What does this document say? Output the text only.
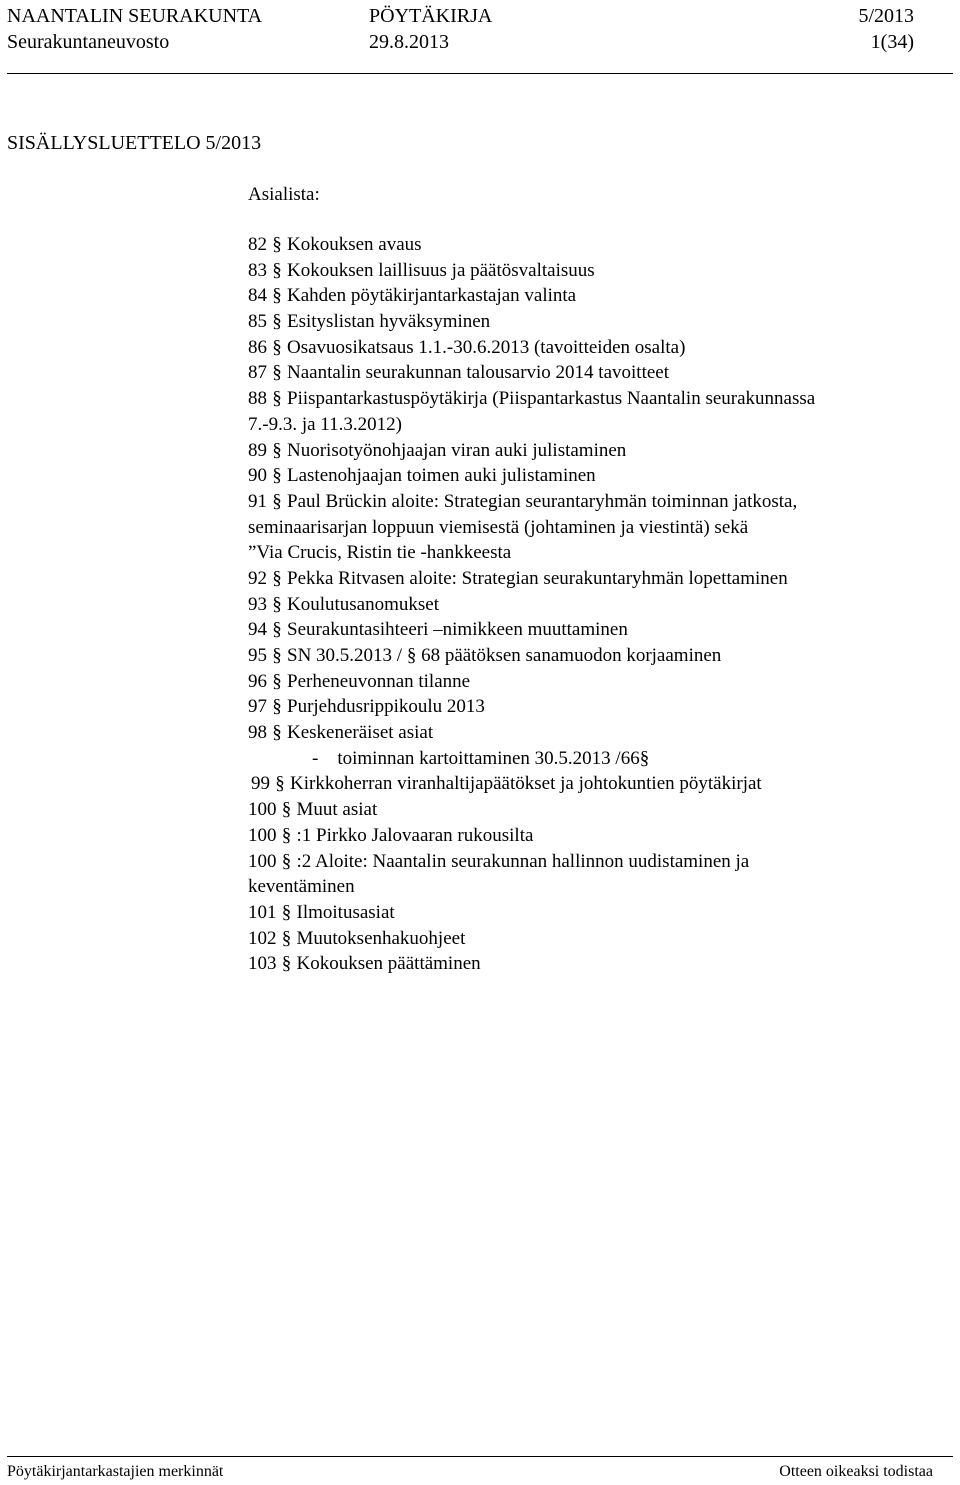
NAANTALIN SEURAKUNTA	PÖYTÄKIRJA	5/2013
Seurakuntaneuvosto	29.8.2013	1(34)
SISÄLLYSLUETTELO 5/2013
Asialista:
82 § Kokouksen avaus
83 § Kokouksen laillisuus ja päätösvaltaisuus
84 § Kahden pöytäkirjantarkastajan valinta
85 § Esityslistan hyväksyminen
86 § Osavuosikatsaus 1.1.-30.6.2013 (tavoitteiden osalta)
87 § Naantalin seurakunnan talousarvio 2014 tavoitteet
88 § Piispantarkastuspöytäkirja (Piispantarkastus Naantalin seurakunnassa
7.-9.3. ja 11.3.2012)
89 § Nuorisotyönohjaajan viran auki julistaminen
90 § Lastenohjaajan toimen auki julistaminen
91 § Paul Brückin aloite: Strategian seurantaryhmän toiminnan jatkosta,
seminaarisarjan loppuun viemisestä (johtaminen ja viestintä) sekä
”Via Crucis, Ristin tie -hankkeesta
92 § Pekka Ritvasen aloite: Strategian seurakuntaryhmän lopettaminen
93 § Koulutusanomukset
94 § Seurakuntasihteeri –nimikkeen muuttaminen
95 § SN 30.5.2013 / § 68 päätöksen sanamuodon korjaaminen
96 § Perheneuvonnan tilanne
97 § Purjehdusrippikoulu 2013
98 § Keskeneräiset asiat
-    toiminnan kartoittaminen 30.5.2013 /66§
99 § Kirkkoherran viranhaltijapäätökset ja johtokuntien pöytäkirjat
100 § Muut asiat
100 § :1 Pirkko Jalovaaran rukousilta
100 § :2 Aloite: Naantalin seurakunnan hallinnon uudistaminen ja
keventäminen
101 § Ilmoitusasiat
102 § Muutoksenhakuohjeet
103 § Kokouksen päättäminen
Pöytäkirjantarkastajien merkinnät	Otteen oikeaksi todistaa
